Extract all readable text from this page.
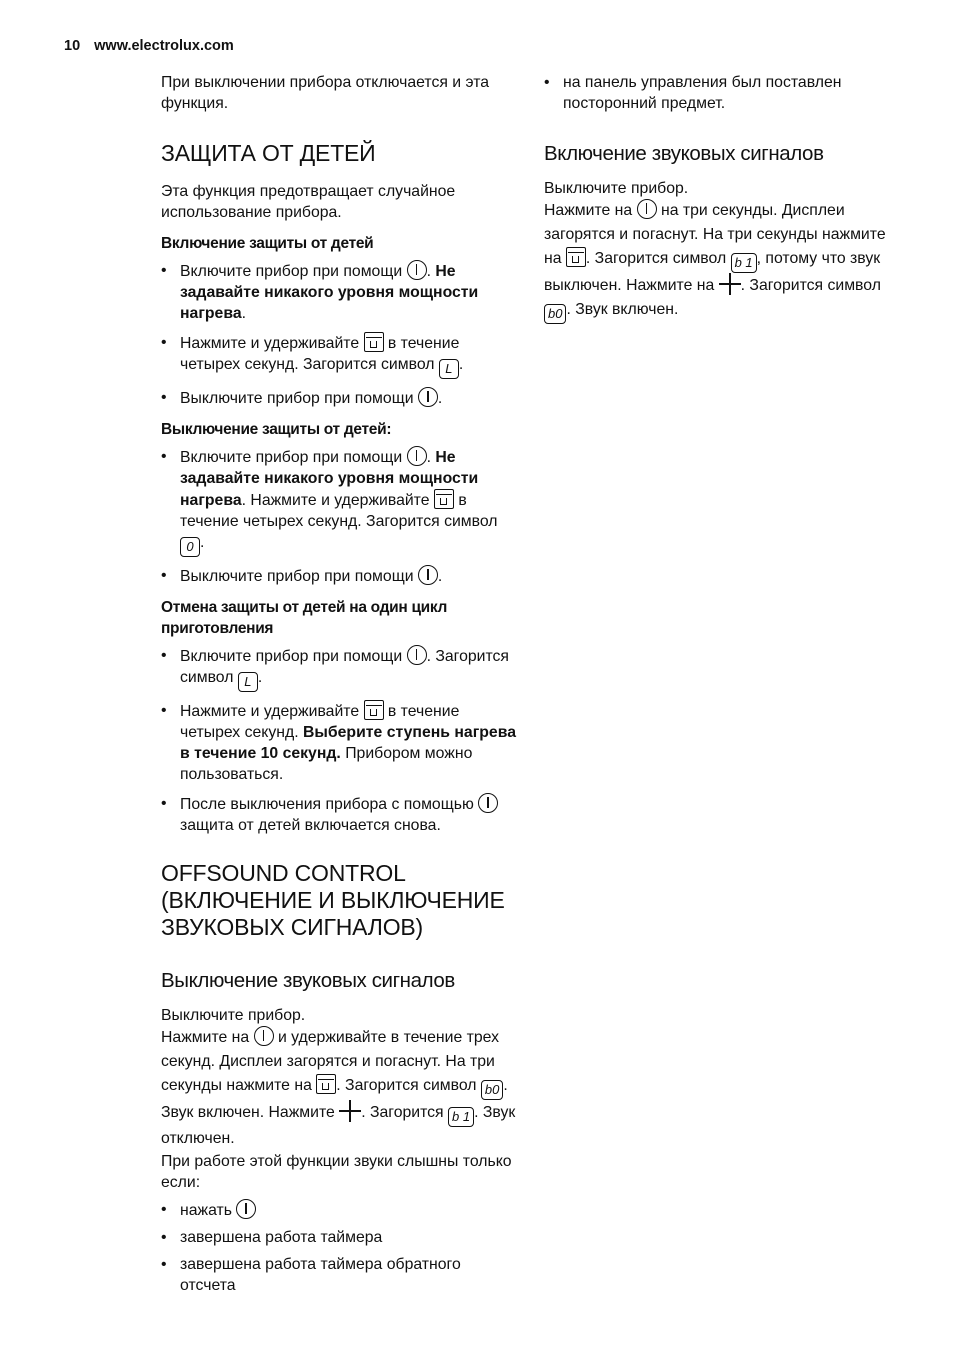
10 www.electrolux.com

При выключении прибора отключается и эта функция.

ЗАЩИТА ОТ ДЕТЕЙ

Эта функция предотвращает случайное использование прибора.

Включение защиты от детей

• Включите прибор при помощи . Не задавайте никакого уровня мощности нагрева.
• Нажмите и удерживайте в течение четырех секунд. Загорится символ L .
• Выключите прибор при помощи .

Выключение защиты от детей:

• Включите прибор при помощи . Не задавайте никакого уровня мощности нагрева. Нажмите и удерживайте в течение четырех секунд. Загорится символ 0 .
• Выключите прибор при помощи .

Отмена защиты от детей на один цикл приготовления

• Включите прибор при помощи . Загорится символ L .
• Нажмите и удерживайте в течение четырех секунд. Выберите ступень нагрева в течение 10 секунд. Прибором можно пользоваться.
• После выключения прибора с помощью  защита от детей включается снова.
OFFSOUND CONTROL (ВКЛЮЧЕНИЕ И ВЫКЛЮЧЕНИЕ ЗВУКОВЫХ СИГНАЛОВ)
Выключение звуковых сигналов

Выключите прибор.

Нажмите на и удерживайте в течение трех секунд. Дисплеи загорятся и погаснут. На три секунды нажмите на . Загорится символ b0 . Звук включен. Нажмите . Загорится b 1 . Звук отключен.

При работе этой функции звуки слышны только если:

• нажать
• завершена работа таймера
• завершена работа таймера обратного отсчета
• на панель управления был поставлен посторонний предмет.
Включение звуковых сигналов

Выключите прибор.

Нажмите на на три секунды. Дисплеи загорятся и погаснут. На три секунды нажмите на . Загорится символ b 1 , потому что звук выключен. Нажмите на . Загорится символ b0 . Звук включен.
